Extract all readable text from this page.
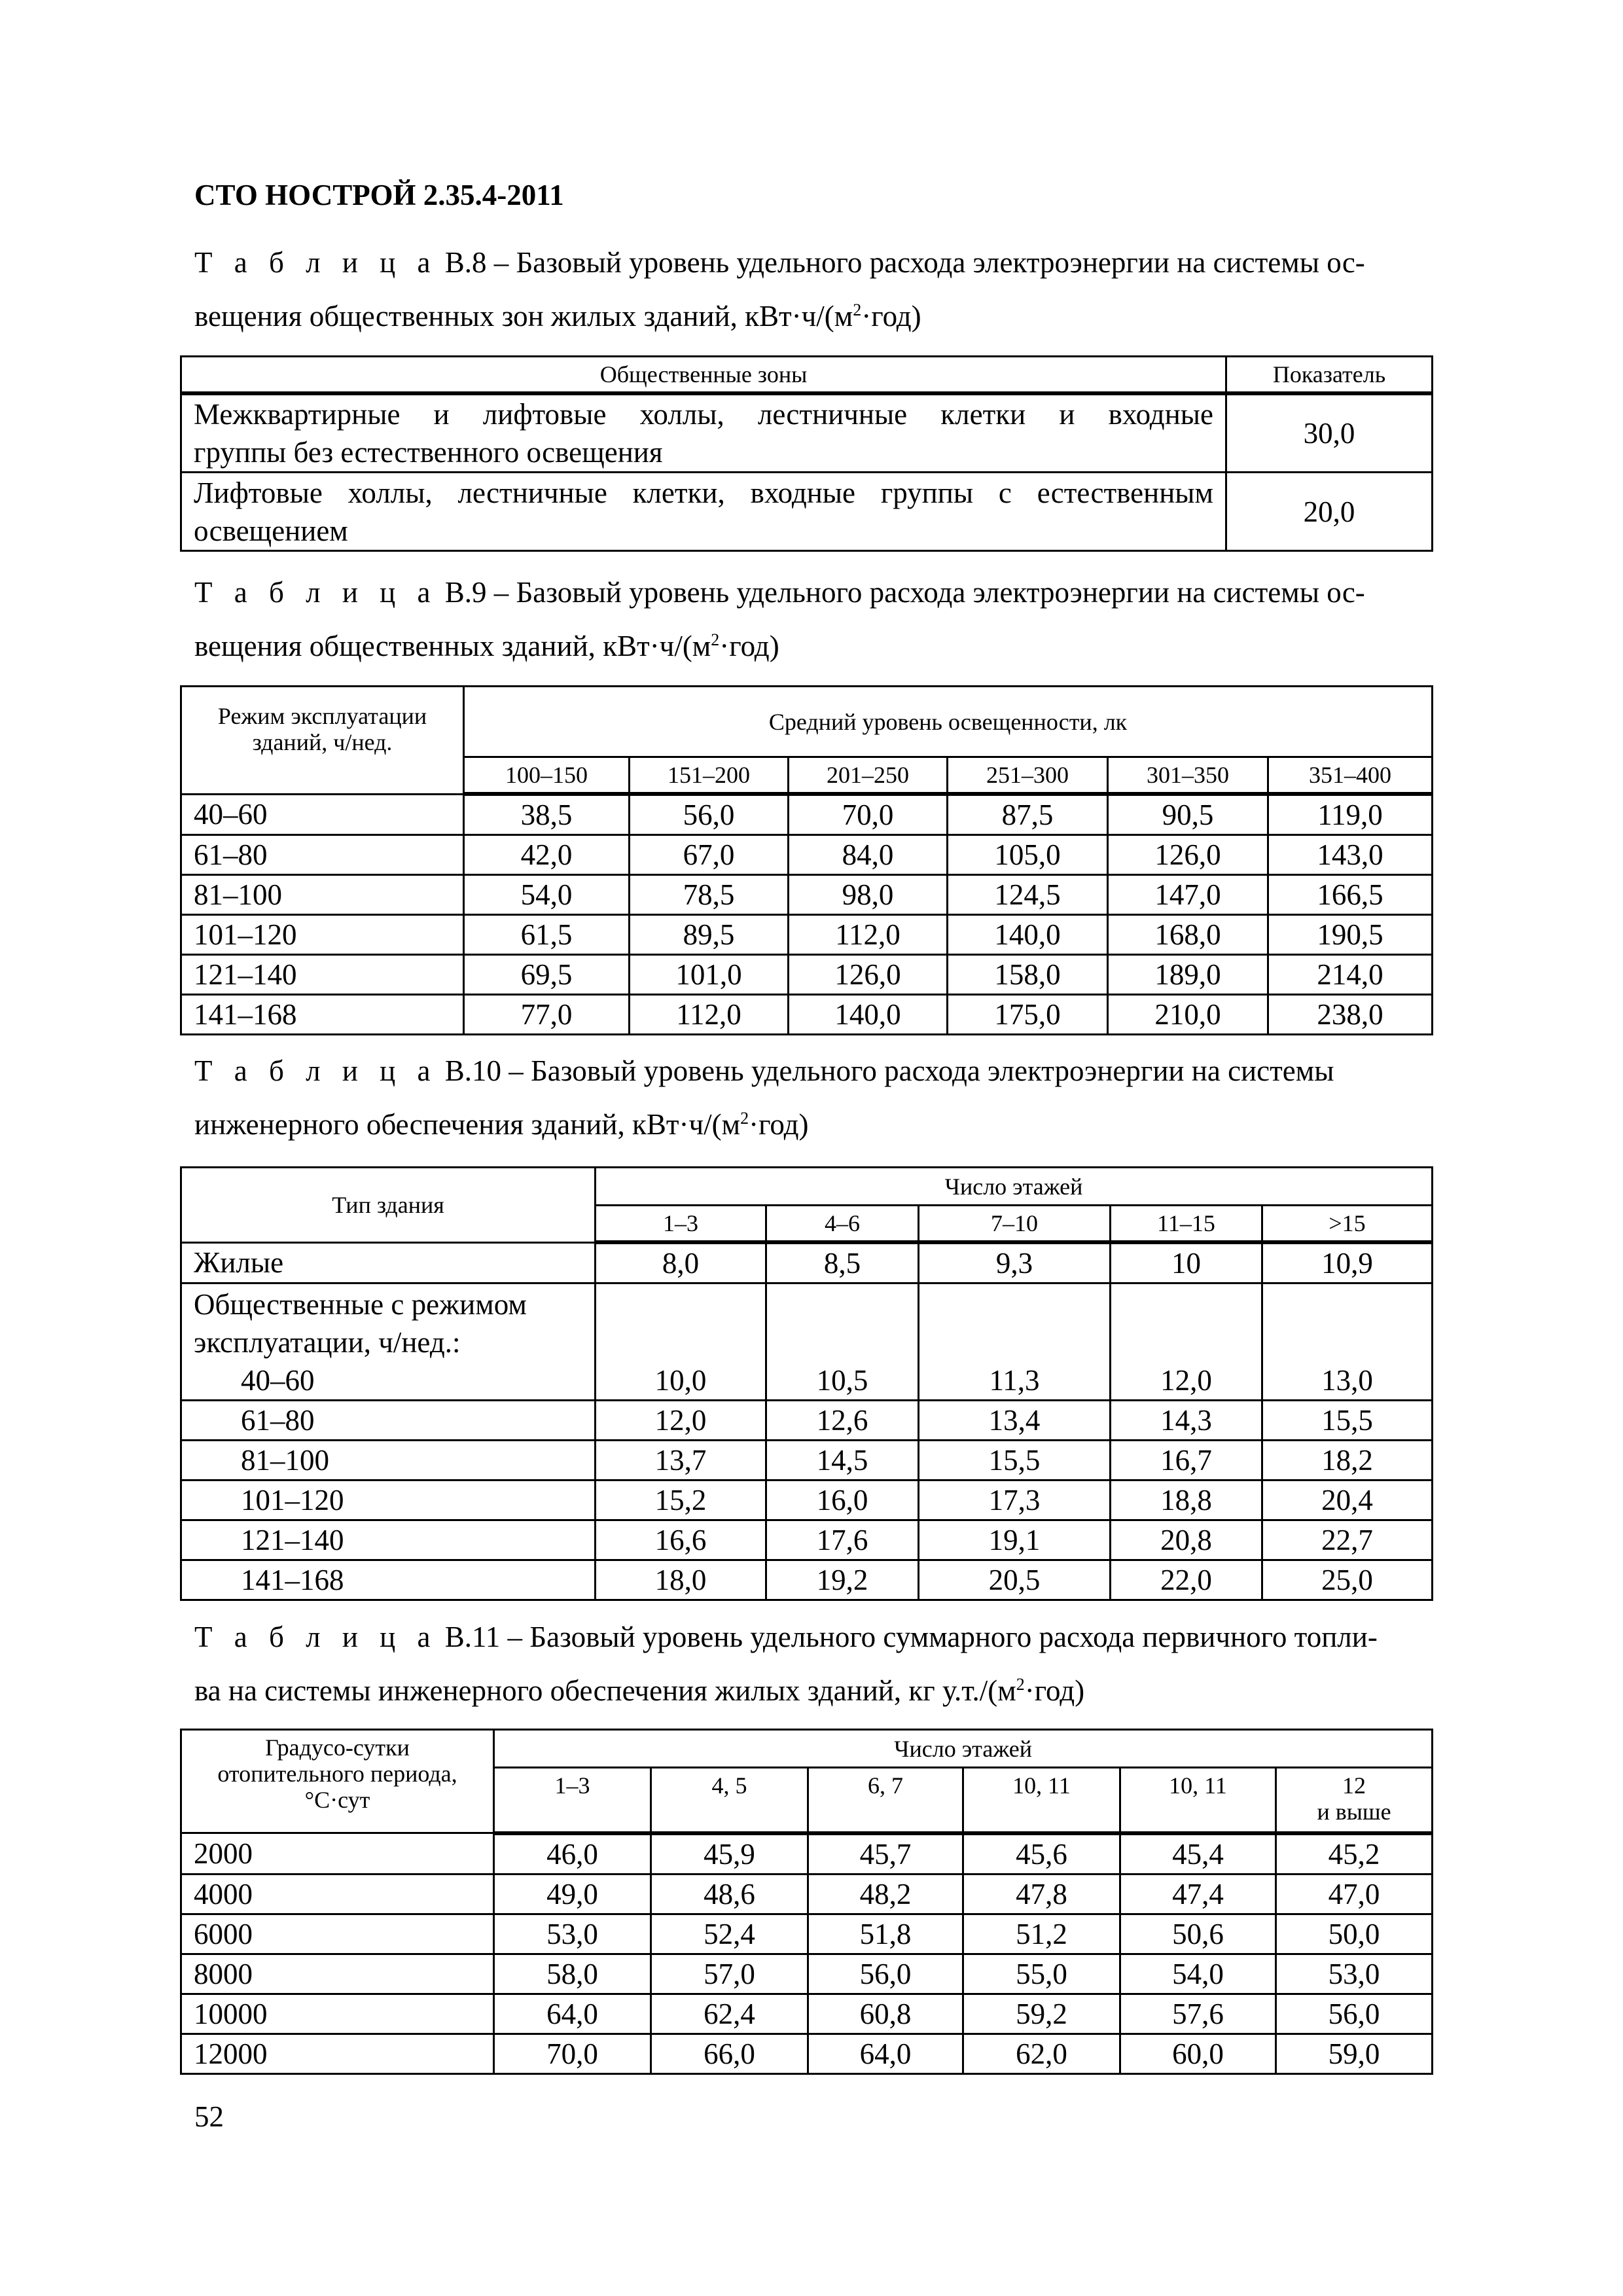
СТО НОСТРОЙ 2.35.4-2011

Т а б л и ц а В.8 – Базовый уровень удельного расхода электроэнергии на системы ос-
вещения общественных зон жилых зданий, $кВт\cdot ч/(м^2\cdot год)$

Общественные зоны	Показатель

Межквартирные и лифтовые холлы, лестничные клетки и входные
группы без естественного освещения	30,0

Лифтовые холлы, лестничные клетки, входные группы с естественным
освещением	20,0

Т а б л и ц а В.9 – Базовый уровень удельного расхода электроэнергии на системы ос-
вещения общественных зданий, $кВт\cdot ч/(м^2\cdot год)$

Режим эксплуатации зданий, ч/нед.	Средний уровень освещенности, лк					
	100–150	151–200	201–250	251–300	301–350	351–400
40–60	38,5	56,0	70,0	87,5	90,5	119,0
61–80	42,0	67,0	84,0	105,0	126,0	143,0
81–100	54,0	78,5	98,0	124,5	147,0	166,5
101–120	61,5	89,5	112,0	140,0	168,0	190,5
121–140	69,5	101,0	126,0	158,0	189,0	214,0
141–168	77,0	112,0	140,0	175,0	210,0	238,0

Т а б л и ц а В.10 – Базовый уровень удельного расхода электроэнергии на системы
инженерного обеспечения зданий, $кВт\cdot ч/(м^2\cdot год)$

Тип здания	Число этажей				
	1–3	4–6	7–10	11–15	>15
Жилые	8,0	8,5	9,3	10	10,9

Общественные с режимом
эксплуатации, ч/нед.:
40–60	10,0	10,5	11,3	12,0	13,0
61–80	12,0	12,6	13,4	14,3	15,5
81–100	13,7	14,5	15,5	16,7	18,2
101–120	15,2	16,0	17,3	18,8	20,4
121–140	16,6	17,6	19,1	20,8	22,7
141–168	18,0	19,2	20,5	22,0	25,0

Т а б л и ц а В.11 – Базовый уровень удельного суммарного расхода первичного топли-
ва на системы инженерного обеспечения жилых зданий, кг $у.т./(м^2\cdot год)$

Градусо-сутки
отопительного периода,
°С·сут	Число этажей					
	1–3	4, 5	6, 7	10, 11	10, 11	12
и выше

2000	46,0	45,9	45,7	45,6	45,4	45,2
4000	49,0	48,6	48,2	47,8	47,4	47,0
6000	53,0	52,4	51,8	51,2	50,6	50,0
8000	58,0	57,0	56,0	55,0	54,0	53,0
10000	64,0	62,4	60,8	59,2	57,6	56,0
12000	70,0	66,0	64,0	62,0	60,0	59,0

52
